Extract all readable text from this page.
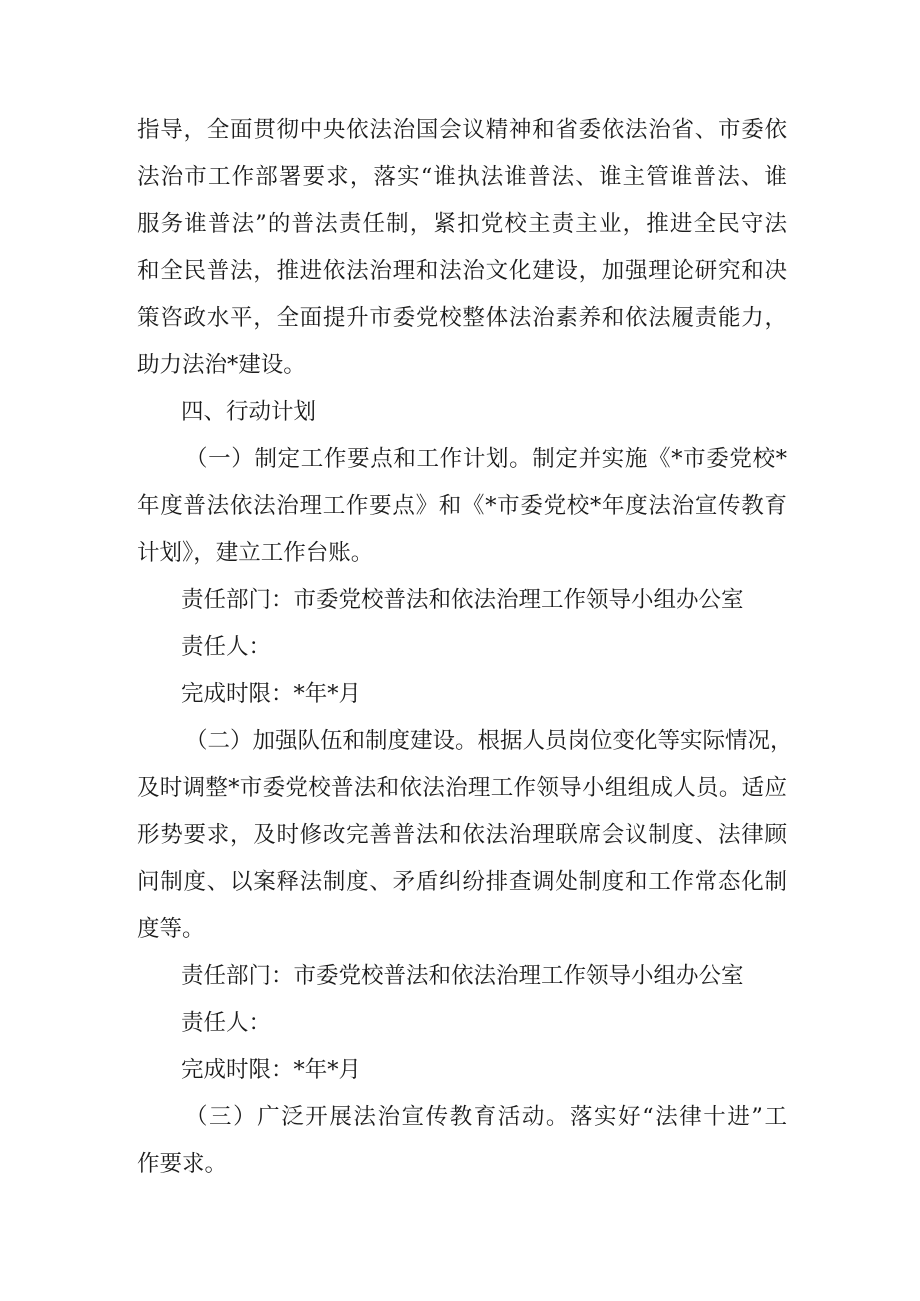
指导，全面贯彻中央依法治国会议精神和省委依法治省、市委依
法治市工作部署要求，落实“谁执法谁普法、谁主管谁普法、谁
服务谁普法”的普法责任制，紧扣党校主责主业，推进全民守法
和全民普法，推进依法治理和法治文化建设，加强理论研究和决
策咨政水平，全面提升市委党校整体法治素养和依法履责能力，
助力法治*建设。
四、行动计划
（一）制定工作要点和工作计划。制定并实施《*市委党校*
年度普法依法治理工作要点》和《*市委党校*年度法治宣传教育
计划》，建立工作台账。
责任部门：市委党校普法和依法治理工作领导小组办公室
责任人：
完成时限：*年*月
（二）加强队伍和制度建设。根据人员岗位变化等实际情况，
及时调整*市委党校普法和依法治理工作领导小组组成人员。适应
形势要求，及时修改完善普法和依法治理联席会议制度、法律顾
问制度、以案释法制度、矛盾纠纷排查调处制度和工作常态化制
度等。
责任部门：市委党校普法和依法治理工作领导小组办公室
责任人：
完成时限：*年*月
（三）广泛开展法治宣传教育活动。落实好“法律十进”工
作要求。
